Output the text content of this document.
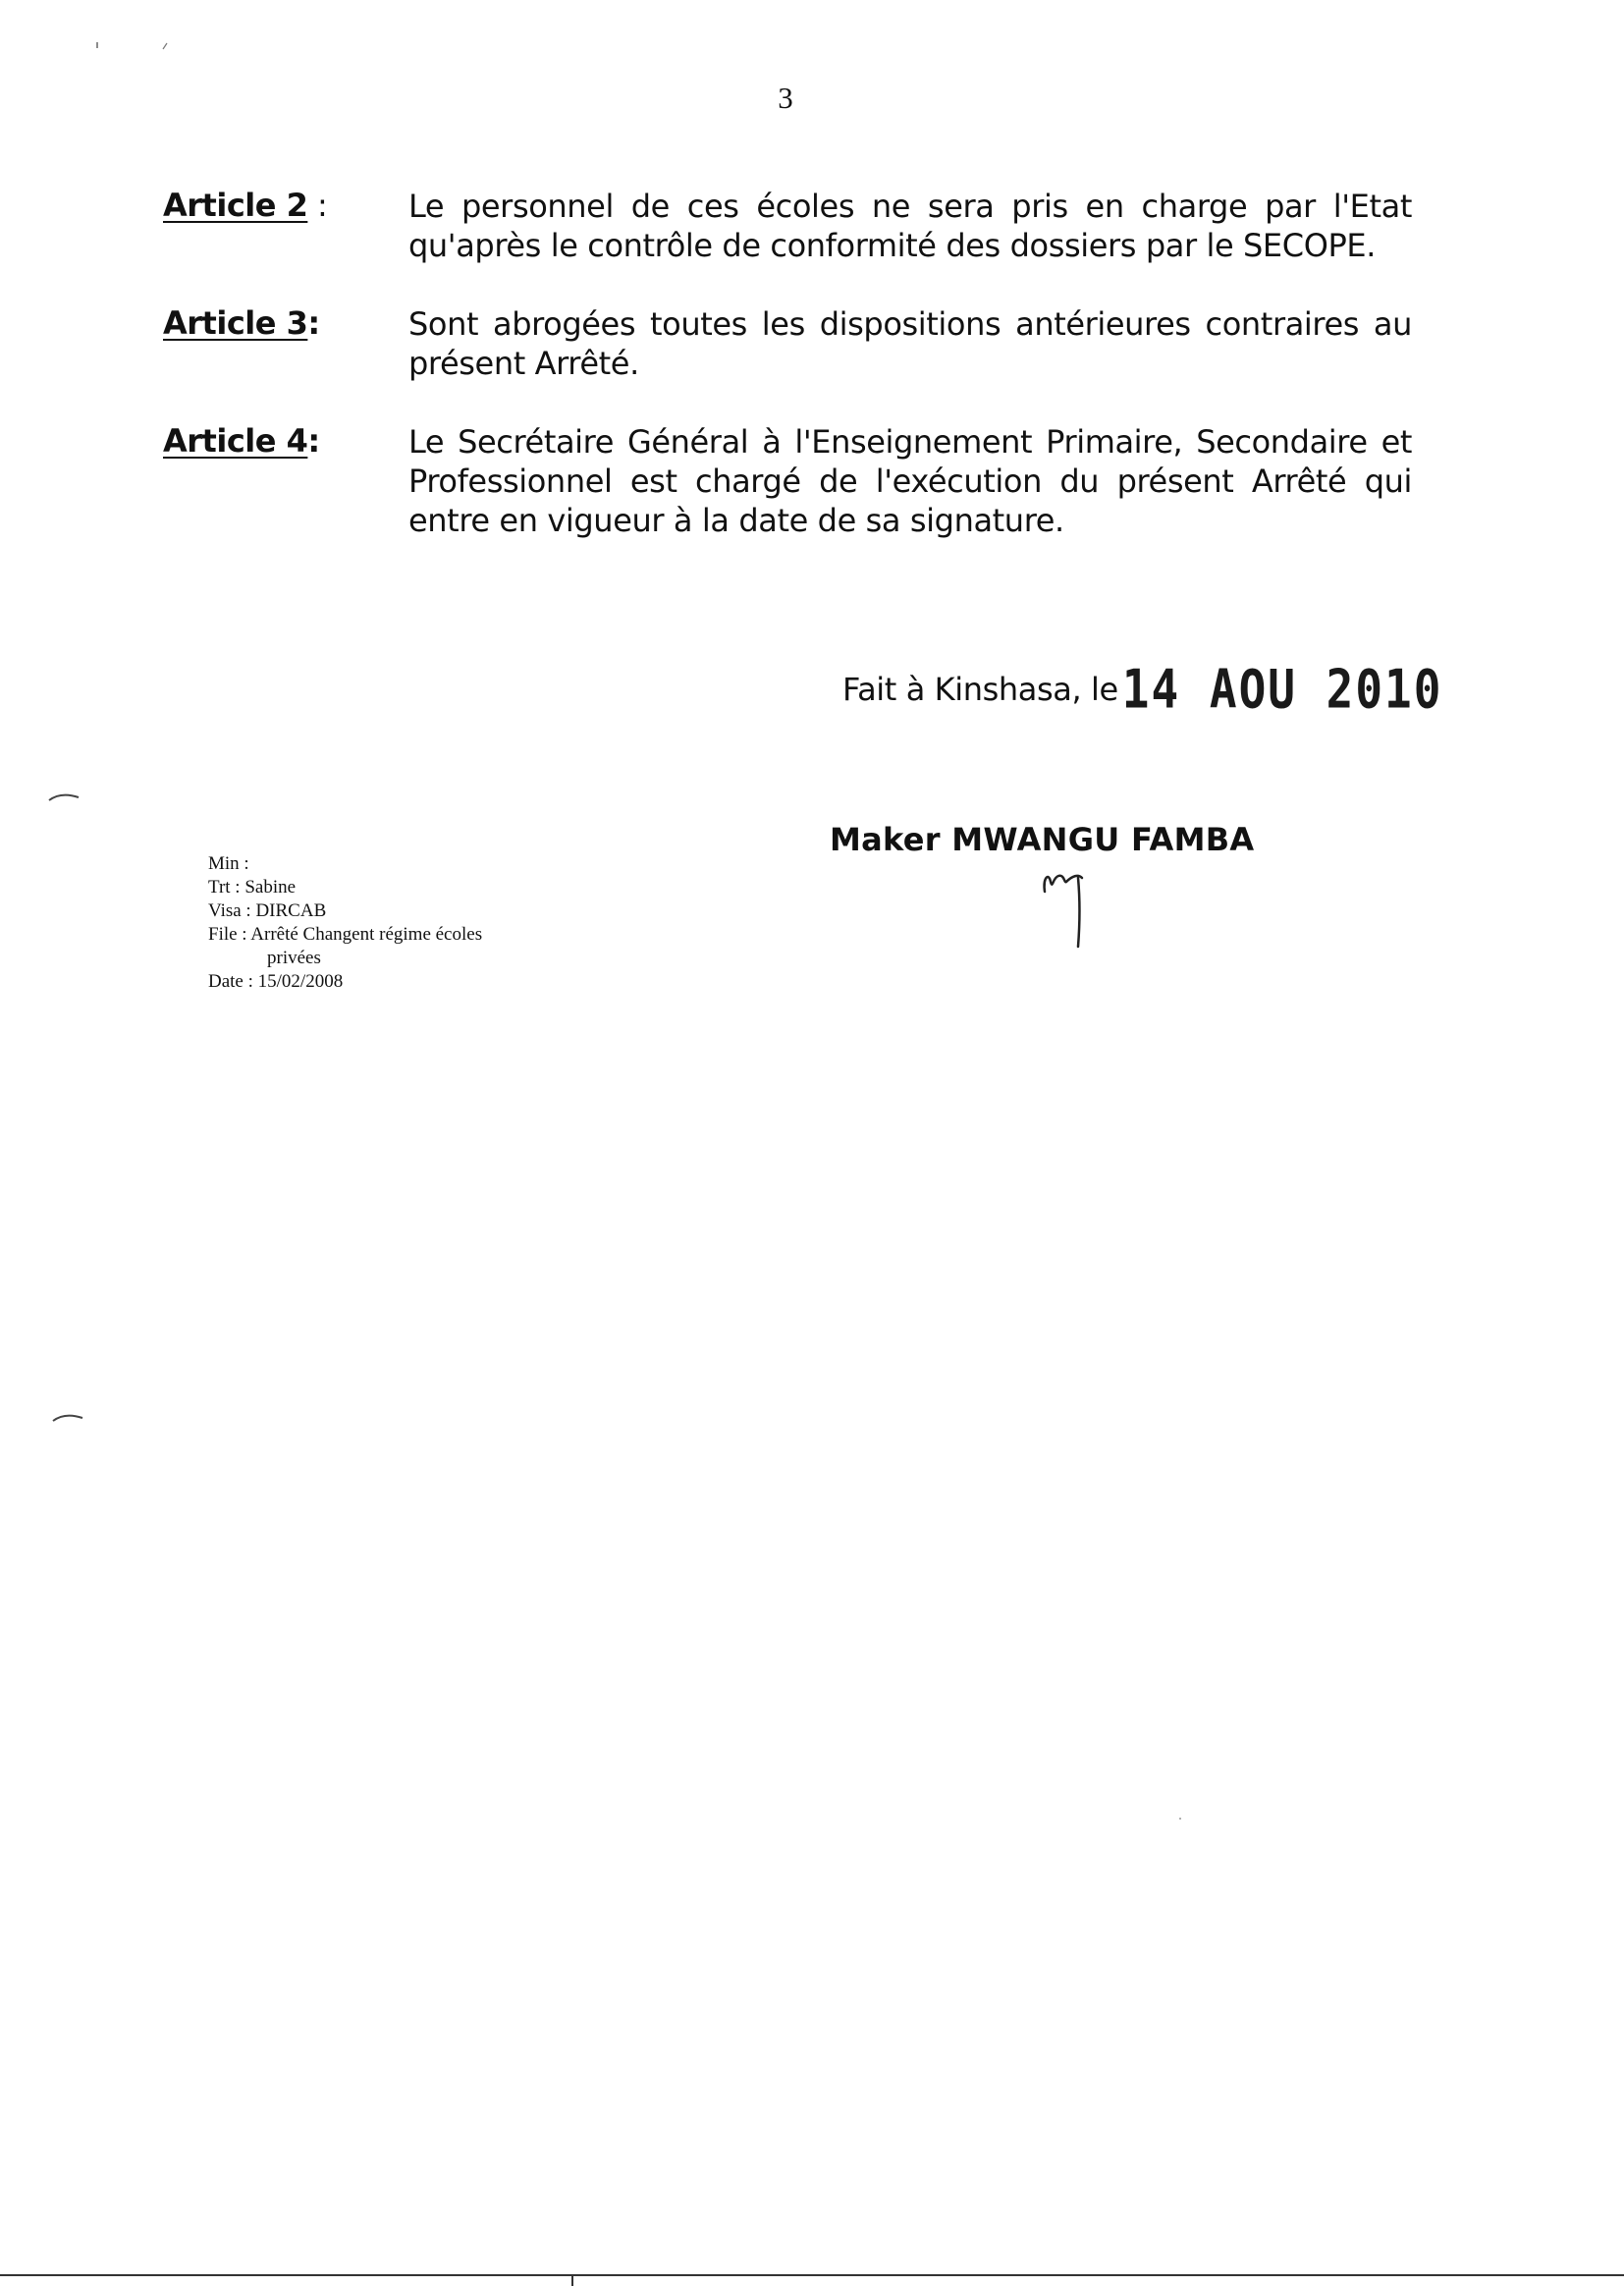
3
Article 2 :	Le personnel de ces écoles ne sera pris en charge par l'Etat qu'après le contrôle de conformité des dossiers par le SECOPE.
Article 3:	Sont abrogées toutes les dispositions antérieures contraires au présent Arrêté.
Article 4:	Le Secrétaire Général à l'Enseignement Primaire, Secondaire et Professionnel est chargé de l'exécution du présent Arrêté qui entre en vigueur à la date de sa signature.
Fait à Kinshasa, le14 AOU 2010
Maker MWANGU FAMBA
Min :
Trt : Sabine
Visa : DIRCAB
File : Arrêté Changent régime écoles
privées
Date : 15/02/2008
